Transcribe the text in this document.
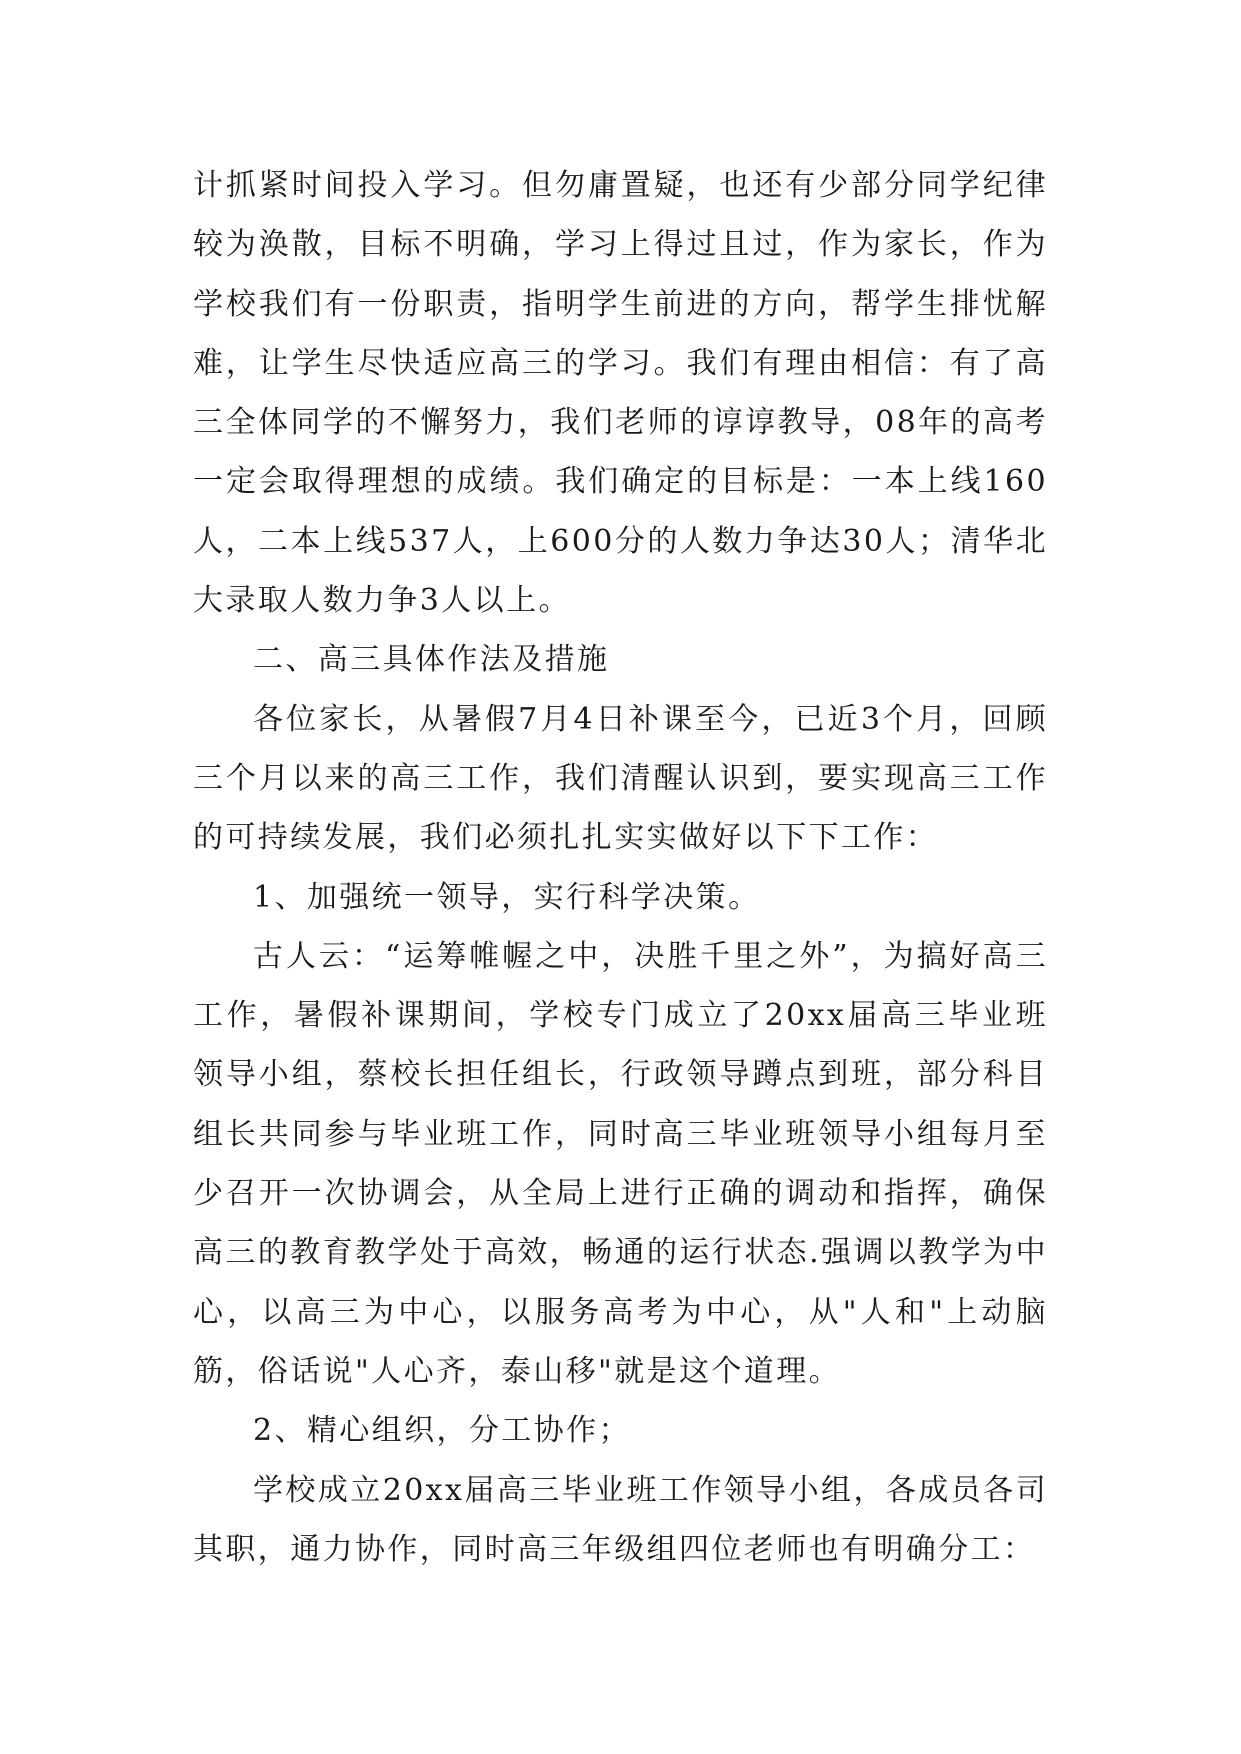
计抓紧时间投入学习。但勿庸置疑，也还有少部分同学纪律较为涣散，目标不明确，学习上得过且过，作为家长，作为学校我们有一份职责，指明学生前进的方向，帮学生排忧解难，让学生尽快适应高三的学习。我们有理由相信：有了高三全体同学的不懈努力，我们老师的谆谆教导，08年的高考一定会取得理想的成绩。我们确定的目标是：一本上线160人，二本上线537人，上600分的人数力争达30人；清华北大录取人数力争3人以上。

二、高三具体作法及措施

各位家长，从暑假7月4日补课至今，已近3个月，回顾三个月以来的高三工作，我们清醒认识到，要实现高三工作的可持续发展，我们必须扎扎实实做好以下下工作：

1、加强统一领导，实行科学决策。

古人云：“运筹帷幄之中，决胜千里之外”，为搞好高三工作，暑假补课期间，学校专门成立了20xx届高三毕业班领导小组，蔡校长担任组长，行政领导蹲点到班，部分科目组长共同参与毕业班工作，同时高三毕业班领导小组每月至少召开一次协调会，从全局上进行正确的调动和指挥，确保高三的教育教学处于高效，畅通的运行状态.强调以教学为中心，以高三为中心，以服务高考为中心，从"人和"上动脑筋，俗话说"人心齐，泰山移"就是这个道理。

2、精心组织，分工协作；

学校成立20xx届高三毕业班工作领导小组，各成员各司其职，通力协作，同时高三年级组四位老师也有明确分工：
